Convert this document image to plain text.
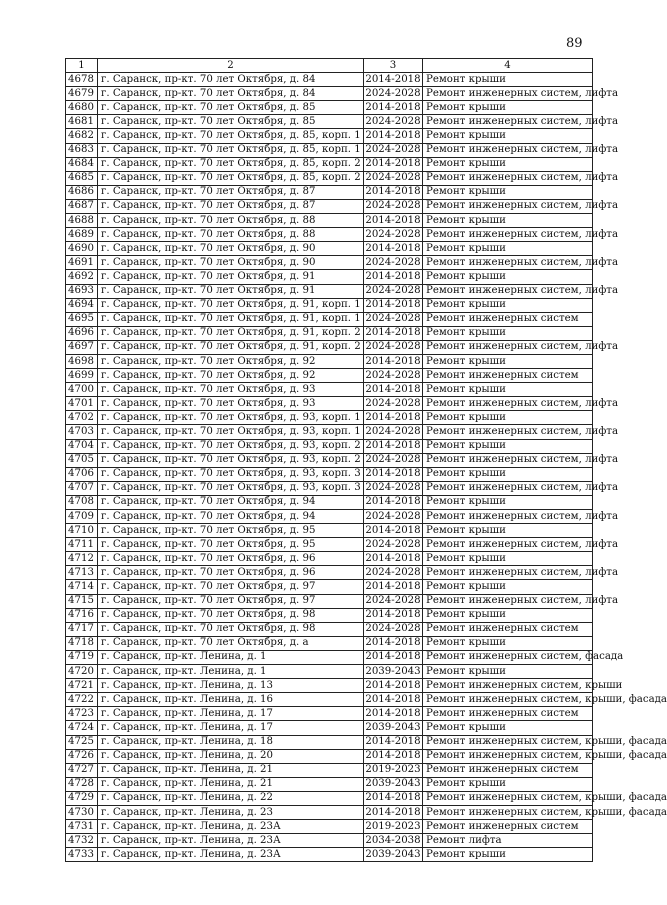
89
1	2	3	4
4678	г. Саранск, пр-кт. 70 лет Октября, д. 84	2014-2018	Ремонт крыши
4679	г. Саранск, пр-кт. 70 лет Октября, д. 84	2024-2028	Ремонт инженерных систем, лифта
4680	г. Саранск, пр-кт. 70 лет Октября, д. 85	2014-2018	Ремонт крыши
4681	г. Саранск, пр-кт. 70 лет Октября, д. 85	2024-2028	Ремонт инженерных систем, лифта
4682	г. Саранск, пр-кт. 70 лет Октября, д. 85, корп. 1	2014-2018	Ремонт крыши
4683	г. Саранск, пр-кт. 70 лет Октября, д. 85, корп. 1	2024-2028	Ремонт инженерных систем, лифта
4684	г. Саранск, пр-кт. 70 лет Октября, д. 85, корп. 2	2014-2018	Ремонт крыши
4685	г. Саранск, пр-кт. 70 лет Октября, д. 85, корп. 2	2024-2028	Ремонт инженерных систем, лифта
4686	г. Саранск, пр-кт. 70 лет Октября, д. 87	2014-2018	Ремонт крыши
4687	г. Саранск, пр-кт. 70 лет Октября, д. 87	2024-2028	Ремонт инженерных систем, лифта
4688	г. Саранск, пр-кт. 70 лет Октября, д. 88	2014-2018	Ремонт крыши
4689	г. Саранск, пр-кт. 70 лет Октября, д. 88	2024-2028	Ремонт инженерных систем, лифта
4690	г. Саранск, пр-кт. 70 лет Октября, д. 90	2014-2018	Ремонт крыши
4691	г. Саранск, пр-кт. 70 лет Октября, д. 90	2024-2028	Ремонт инженерных систем, лифта
4692	г. Саранск, пр-кт. 70 лет Октября, д. 91	2014-2018	Ремонт крыши
4693	г. Саранск, пр-кт. 70 лет Октября, д. 91	2024-2028	Ремонт инженерных систем, лифта
4694	г. Саранск, пр-кт. 70 лет Октября, д. 91, корп. 1	2014-2018	Ремонт крыши
4695	г. Саранск, пр-кт. 70 лет Октября, д. 91, корп. 1	2024-2028	Ремонт инженерных систем
4696	г. Саранск, пр-кт. 70 лет Октября, д. 91, корп. 2	2014-2018	Ремонт крыши
4697	г. Саранск, пр-кт. 70 лет Октября, д. 91, корп. 2	2024-2028	Ремонт инженерных систем, лифта
4698	г. Саранск, пр-кт. 70 лет Октября, д. 92	2014-2018	Ремонт крыши
4699	г. Саранск, пр-кт. 70 лет Октября, д. 92	2024-2028	Ремонт инженерных систем
4700	г. Саранск, пр-кт. 70 лет Октября, д. 93	2014-2018	Ремонт крыши
4701	г. Саранск, пр-кт. 70 лет Октября, д. 93	2024-2028	Ремонт инженерных систем, лифта
4702	г. Саранск, пр-кт. 70 лет Октября, д. 93, корп. 1	2014-2018	Ремонт крыши
4703	г. Саранск, пр-кт. 70 лет Октября, д. 93, корп. 1	2024-2028	Ремонт инженерных систем, лифта
4704	г. Саранск, пр-кт. 70 лет Октября, д. 93, корп. 2	2014-2018	Ремонт крыши
4705	г. Саранск, пр-кт. 70 лет Октября, д. 93, корп. 2	2024-2028	Ремонт инженерных систем, лифта
4706	г. Саранск, пр-кт. 70 лет Октября, д. 93, корп. 3	2014-2018	Ремонт крыши
4707	г. Саранск, пр-кт. 70 лет Октября, д. 93, корп. 3	2024-2028	Ремонт инженерных систем, лифта
4708	г. Саранск, пр-кт. 70 лет Октября, д. 94	2014-2018	Ремонт крыши
4709	г. Саранск, пр-кт. 70 лет Октября, д. 94	2024-2028	Ремонт инженерных систем, лифта
4710	г. Саранск, пр-кт. 70 лет Октября, д. 95	2014-2018	Ремонт крыши
4711	г. Саранск, пр-кт. 70 лет Октября, д. 95	2024-2028	Ремонт инженерных систем, лифта
4712	г. Саранск, пр-кт. 70 лет Октября, д. 96	2014-2018	Ремонт крыши
4713	г. Саранск, пр-кт. 70 лет Октября, д. 96	2024-2028	Ремонт инженерных систем, лифта
4714	г. Саранск, пр-кт. 70 лет Октября, д. 97	2014-2018	Ремонт крыши
4715	г. Саранск, пр-кт. 70 лет Октября, д. 97	2024-2028	Ремонт инженерных систем, лифта
4716	г. Саранск, пр-кт. 70 лет Октября, д. 98	2014-2018	Ремонт крыши
4717	г. Саранск, пр-кт. 70 лет Октября, д. 98	2024-2028	Ремонт инженерных систем
4718	г. Саранск, пр-кт. 70 лет Октября, д. а	2014-2018	Ремонт крыши
4719	г. Саранск, пр-кт. Ленина, д. 1	2014-2018	Ремонт инженерных систем, фасада
4720	г. Саранск, пр-кт. Ленина, д. 1	2039-2043	Ремонт крыши
4721	г. Саранск, пр-кт. Ленина, д. 13	2014-2018	Ремонт инженерных систем, крыши
4722	г. Саранск, пр-кт. Ленина, д. 16	2014-2018	Ремонт инженерных систем, крыши, фасада
4723	г. Саранск, пр-кт. Ленина, д. 17	2014-2018	Ремонт инженерных систем
4724	г. Саранск, пр-кт. Ленина, д. 17	2039-2043	Ремонт крыши
4725	г. Саранск, пр-кт. Ленина, д. 18	2014-2018	Ремонт инженерных систем, крыши, фасада
4726	г. Саранск, пр-кт. Ленина, д. 20	2014-2018	Ремонт инженерных систем, крыши, фасада
4727	г. Саранск, пр-кт. Ленина, д. 21	2019-2023	Ремонт инженерных систем
4728	г. Саранск, пр-кт. Ленина, д. 21	2039-2043	Ремонт крыши
4729	г. Саранск, пр-кт. Ленина, д. 22	2014-2018	Ремонт инженерных систем, крыши, фасада
4730	г. Саранск, пр-кт. Ленина, д. 23	2014-2018	Ремонт инженерных систем, крыши, фасада
4731	г. Саранск, пр-кт. Ленина, д. 23А	2019-2023	Ремонт инженерных систем
4732	г. Саранск, пр-кт. Ленина, д. 23А	2034-2038	Ремонт лифта
4733	г. Саранск, пр-кт. Ленина, д. 23А	2039-2043	Ремонт крыши
